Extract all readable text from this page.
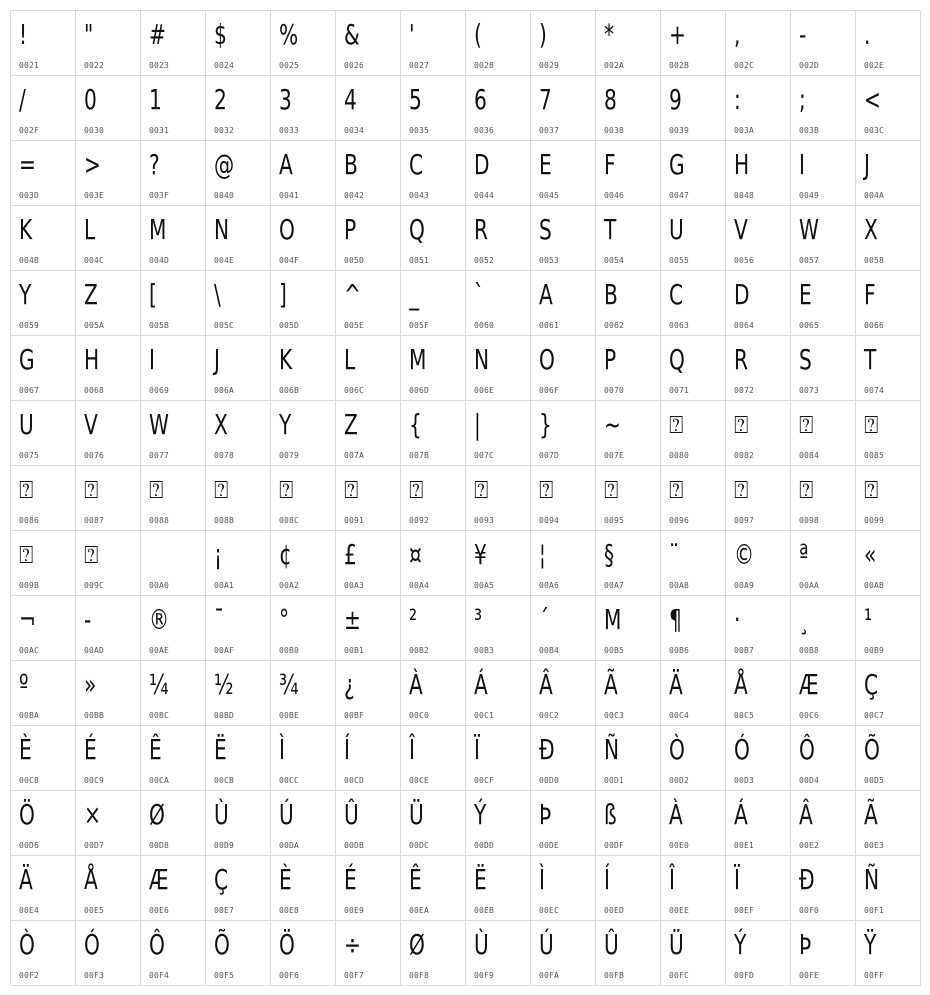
!
0021
"
0022
#
0023
$
0024
%
0025
&
0026
'
0027
(
0028
)
0029
*
002A
+
002B
,
002C
-
002D
.
002E
/
002F
0
0030
1
0031
2
0032
3
0033
4
0034
5
0035
6
0036
7
0037
8
0038
9
0039
:
003A
;
003B
<
003C
=
003D
>
003E
?
003F
@
0040
A
0041
B
0042
C
0043
D
0044
E
0045
F
0046
G
0047
H
0048
I
0049
J
004A
K
004B
L
004C
M
004D
N
004E
O
004F
P
0050
Q
0051
R
0052
S
0053
T
0054
U
0055
V
0056
W
0057
X
0058
Y
0059
Z
005A
[
005B
\
005C
]
005D
^
005E
_
005F
`
0060
A
0061
B
0062
C
0063
D
0064
E
0065
F
0066
G
0067
H
0068
I
0069
J
006A
K
006B
L
006C
M
006D
N
006E
O
006F
P
0070
Q
0071
R
0072
S
0073
T
0074
U
0075
V
0076
W
0077
X
0078
Y
0079
Z
007A
{
007B
|
007C
}
007D
~
007E
⍰
0080
⍰
0082
⍰
0084
⍰
0085
⍰
0086
⍰
0087
⍰
0088
⍰
008B
⍰
008C
⍰
0091
⍰
0092
⍰
0093
⍰
0094
⍰
0095
⍰
0096
⍰
0097
⍰
0098
⍰
0099
⍰
009B
⍰
009C	00A0
¡
00A1
¢
00A2
£
00A3
¤
00A4
¥
00A5
¦
00A6
§
00A7
¨
00A8
©
00A9
ª
00AA
«
00AB
¬
00AC
-
00AD
®
00AE
¯
00AF
°
00B0
±
00B1
²
00B2
³
00B3
´
00B4
M
00B5
¶
00B6
·
00B7
¸
00B8
¹
00B9
º
00BA
»
00BB
¼
00BC
½
00BD
¾
00BE
¿
00BF
À
00C0
Á
00C1
Â
00C2
Ã
00C3
Ä
00C4
Å
00C5
Æ
00C6
Ç
00C7
È
00C8
É
00C9
Ê
00CA
Ë
00CB
Ì
00CC
Í
00CD
Î
00CE
Ï
00CF
Ð
00D0
Ñ
00D1
Ò
00D2
Ó
00D3
Ô
00D4
Õ
00D5
Ö
00D6
×
00D7
Ø
00D8
Ù
00D9
Ú
00DA
Û
00DB
Ü
00DC
Ý
00DD
Þ
00DE
ß
00DF
À
00E0
Á
00E1
Â
00E2
Ã
00E3
Ä
00E4
Å
00E5
Æ
00E6
Ç
00E7
È
00E8
É
00E9
Ê
00EA
Ë
00EB
Ì
00EC
Í
00ED
Î
00EE
Ï
00EF
Ð
00F0
Ñ
00F1
Ò
00F2
Ó
00F3
Ô
00F4
Õ
00F5
Ö
00F6
÷
00F7
Ø
00F8
Ù
00F9
Ú
00FA
Û
00FB
Ü
00FC
Ý
00FD
Þ
00FE
Ÿ
00FF
